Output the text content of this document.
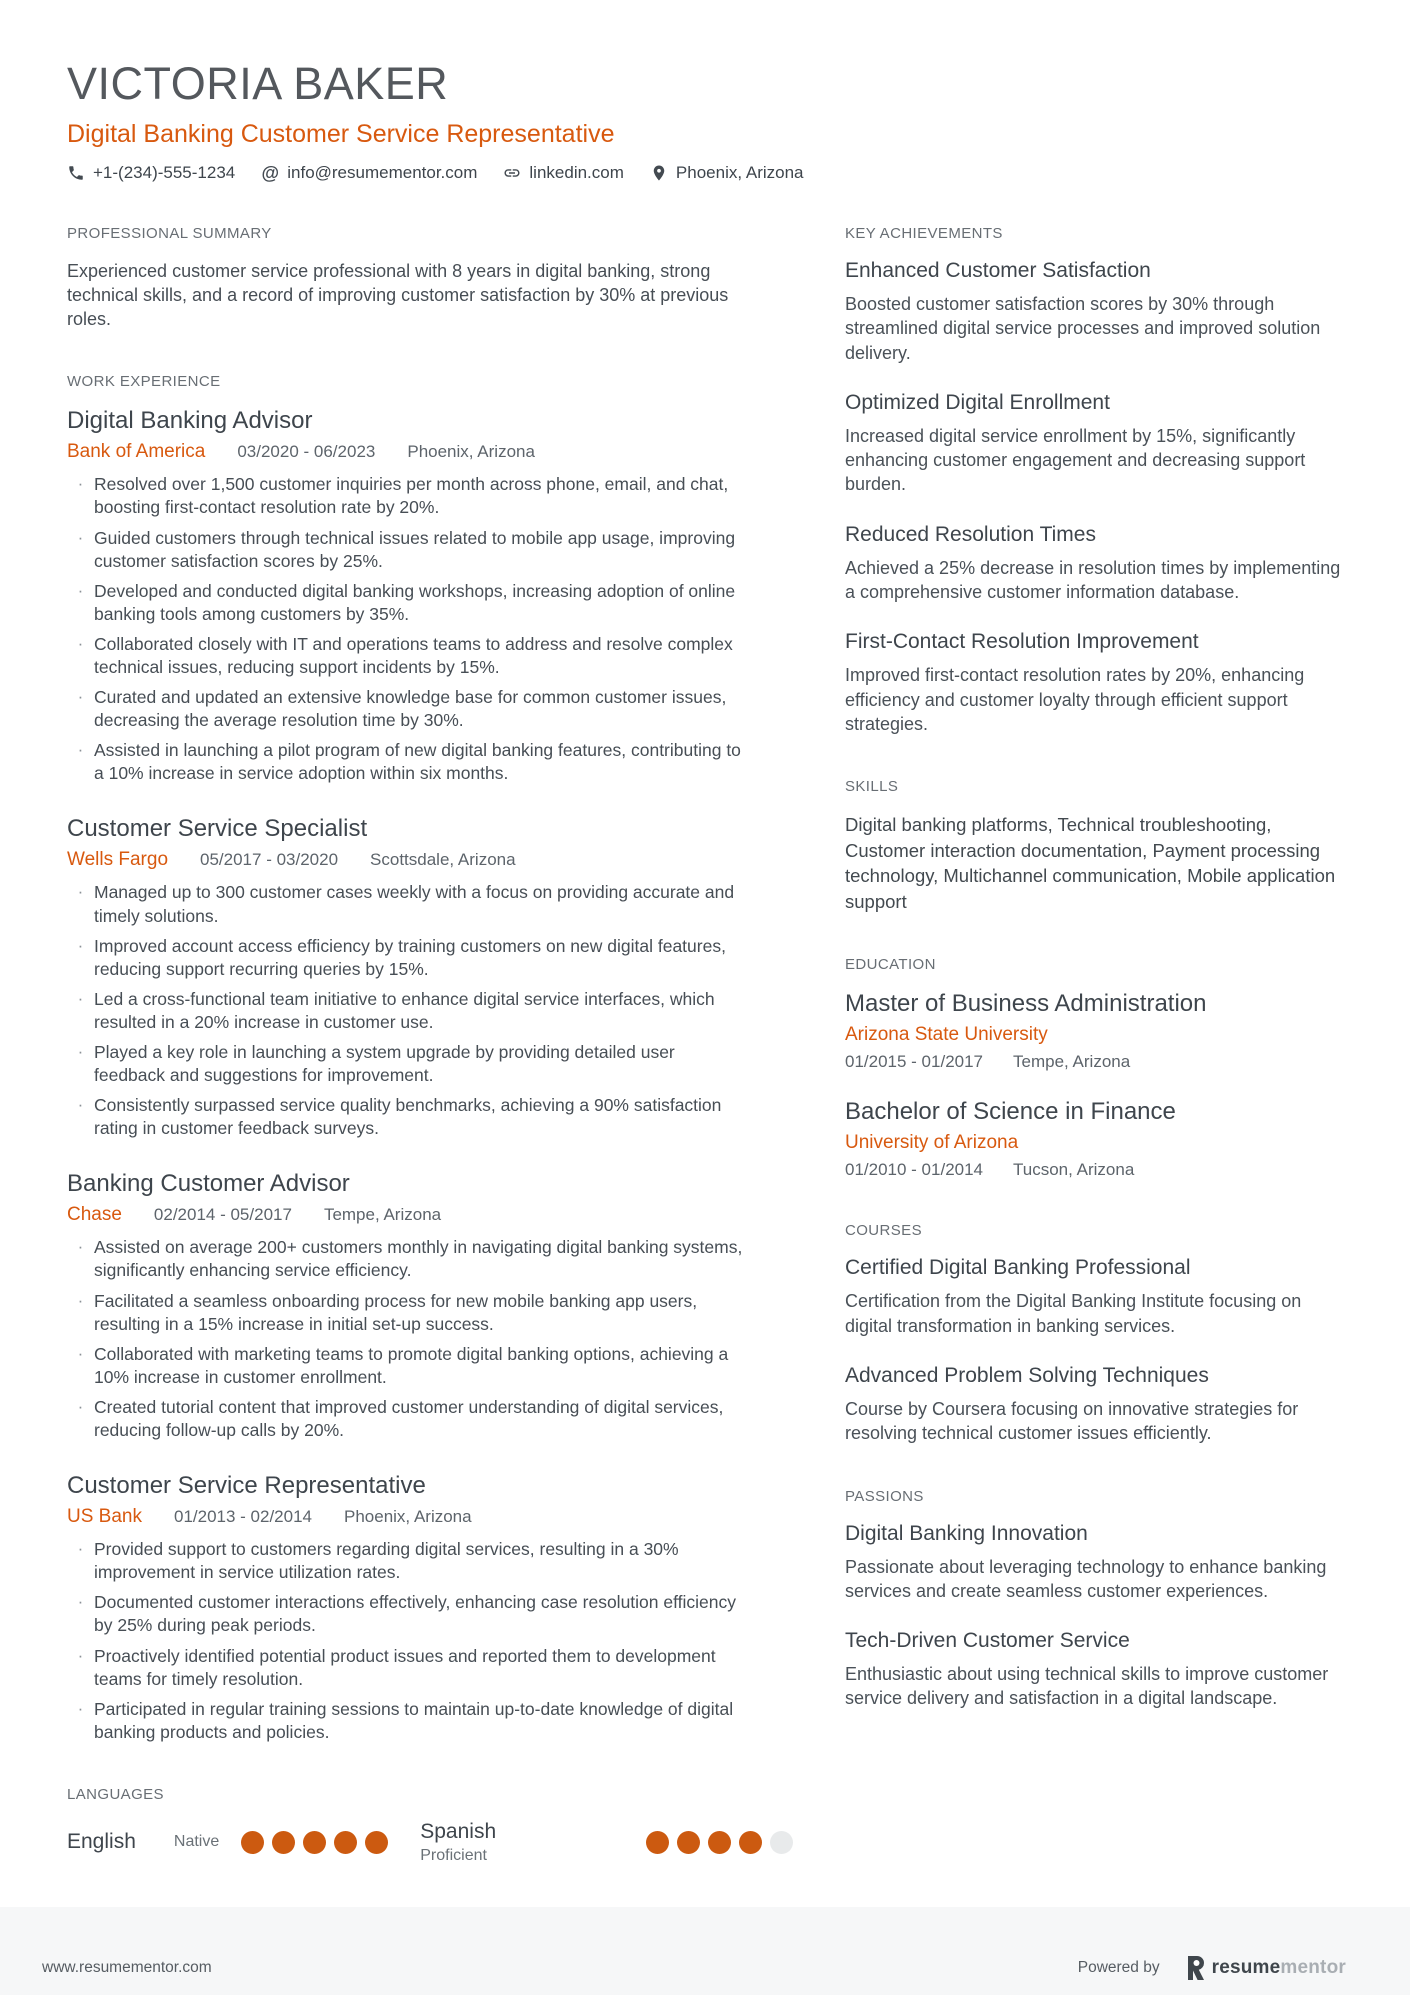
VICTORIA BAKER
Digital Banking Customer Service Representative
+1-(234)-555-1234 @ info@resumementor.com	linkedin.com	Phoenix, Arizona
PROFESSIONAL SUMMARY
Experienced customer service professional with 8 years in digital banking, strong technical skills, and a record of improving customer satisfaction by 30% at previous roles.
WORK EXPERIENCE
Digital Banking Advisor
Bank of America 03/2020 - 06/2023 Phoenix, Arizona
· Resolved over 1,500 customer inquiries per month across phone, email, and chat, boosting first-contact resolution rate by 20%.
· Guided customers through technical issues related to mobile app usage, improving customer satisfaction scores by 25%.
· Developed and conducted digital banking workshops, increasing adoption of online banking tools among customers by 35%.
· Collaborated closely with IT and operations teams to address and resolve complex technical issues, reducing support incidents by 15%.
· Curated and updated an extensive knowledge base for common customer issues, decreasing the average resolution time by 30%.
· Assisted in launching a pilot program of new digital banking features, contributing to a 10% increase in service adoption within six months.
Customer Service Specialist
Wells Fargo 05/2017 - 03/2020 Scottsdale, Arizona
· Managed up to 300 customer cases weekly with a focus on providing accurate and timely solutions.
· Improved account access efficiency by training customers on new digital features, reducing support recurring queries by 15%.
· Led a cross-functional team initiative to enhance digital service interfaces, which resulted in a 20% increase in customer use.
· Played a key role in launching a system upgrade by providing detailed user feedback and suggestions for improvement.
· Consistently surpassed service quality benchmarks, achieving a 90% satisfaction rating in customer feedback surveys.
Banking Customer Advisor
Chase 02/2014 - 05/2017 Tempe, Arizona
· Assisted on average 200+ customers monthly in navigating digital banking systems, significantly enhancing service efficiency.
· Facilitated a seamless onboarding process for new mobile banking app users, resulting in a 15% increase in initial set-up success.
· Collaborated with marketing teams to promote digital banking options, achieving a 10% increase in customer enrollment.
· Created tutorial content that improved customer understanding of digital services, reducing follow-up calls by 20%.
Customer Service Representative
US Bank 01/2013 - 02/2014 Phoenix, Arizona
· Provided support to customers regarding digital services, resulting in a 30% improvement in service utilization rates.
· Documented customer interactions effectively, enhancing case resolution efficiency by 25% during peak periods.
· Proactively identified potential product issues and reported them to development teams for timely resolution.
· Participated in regular training sessions to maintain up-to-date knowledge of digital banking products and policies.
LANGUAGES
English Native	Spanish
Proficient
KEY ACHIEVEMENTS
Enhanced Customer Satisfaction
Boosted customer satisfaction scores by 30% through streamlined digital service processes and improved solution delivery.
Optimized Digital Enrollment
Increased digital service enrollment by 15%, significantly enhancing customer engagement and decreasing support burden.
Reduced Resolution Times
Achieved a 25% decrease in resolution times by implementing a comprehensive customer information database.
First-Contact Resolution Improvement
Improved first-contact resolution rates by 20%, enhancing efficiency and customer loyalty through efficient support strategies.
SKILLS
Digital banking platforms, Technical troubleshooting, Customer interaction documentation, Payment processing technology, Multichannel communication, Mobile application support
EDUCATION
Master of Business Administration
Arizona State University
01/2015 - 01/2017 Tempe, Arizona
Bachelor of Science in Finance
University of Arizona
01/2010 - 01/2014 Tucson, Arizona
COURSES
Certified Digital Banking Professional
Certification from the Digital Banking Institute focusing on digital transformation in banking services.
Advanced Problem Solving Techniques
Course by Coursera focusing on innovative strategies for resolving technical customer issues efficiently.
PASSIONS
Digital Banking Innovation
Passionate about leveraging technology to enhance banking services and create seamless customer experiences.
Tech-Driven Customer Service
Enthusiastic about using technical skills to improve customer service delivery and satisfaction in a digital landscape.
www.resumementor.com	Powered by	resumementor
